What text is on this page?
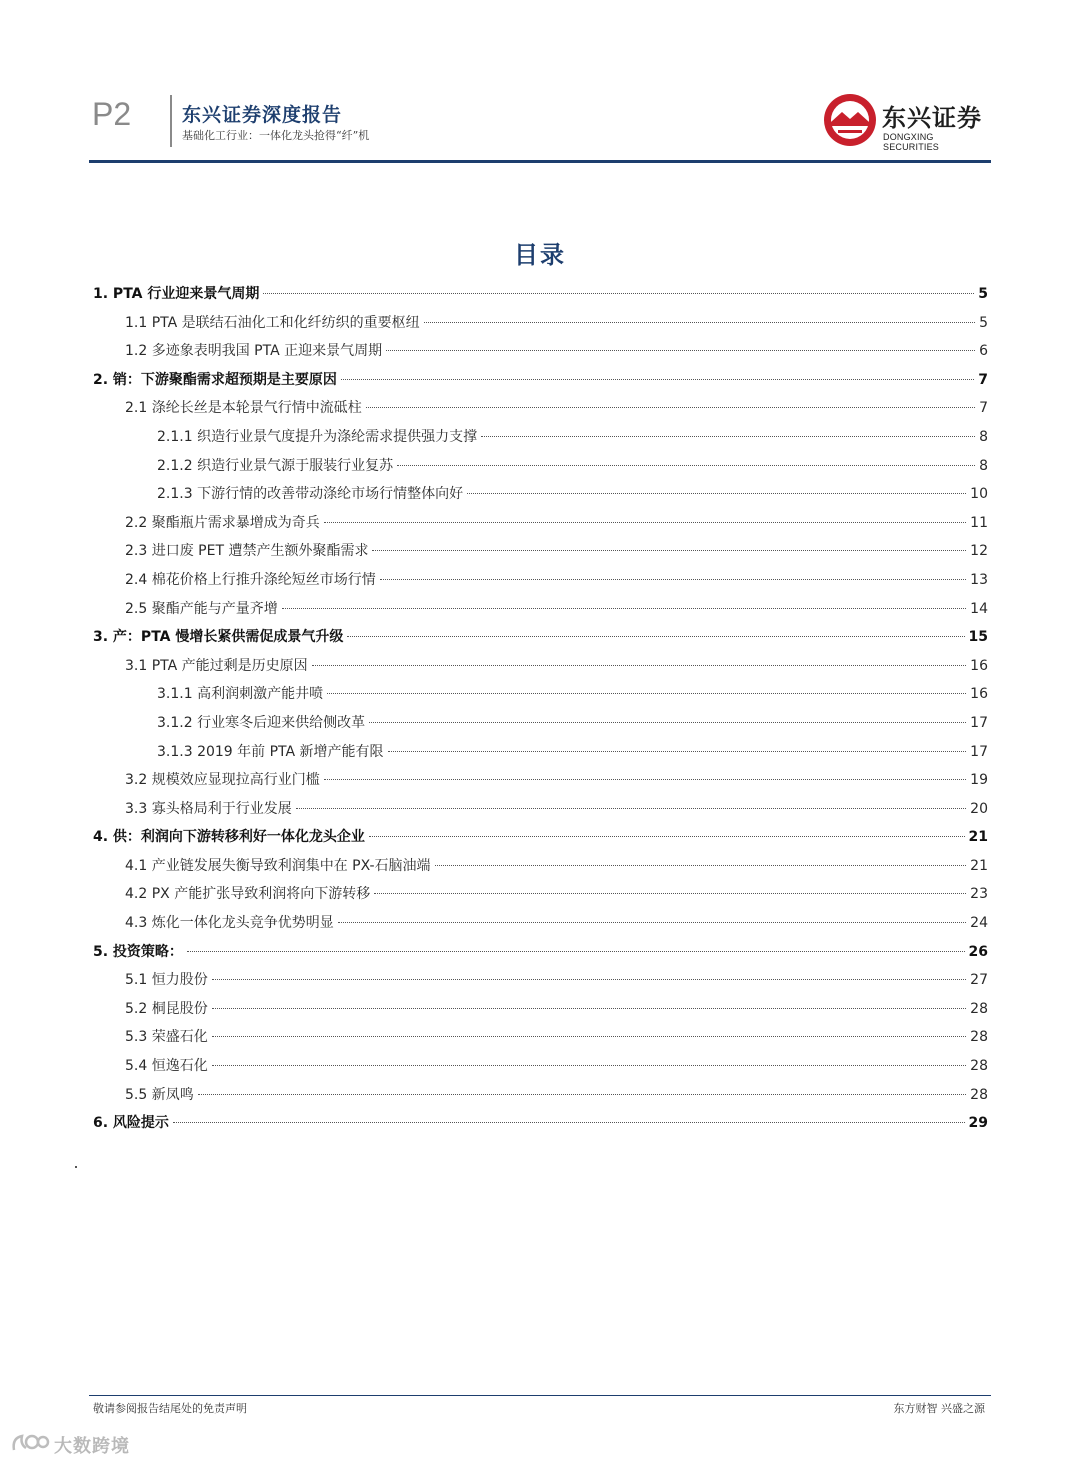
P2	东兴证券深度报告
基础化工行业：一体化龙头抢得“纤”机
东兴证券
DONGXING SECURITIES
目录
1. PTA 行业迎来景气周期	5
1.1 PTA 是联结石油化工和化纤纺织的重要枢纽	5
1.2 多迹象表明我国 PTA 正迎来景气周期	6
2. 销：下游聚酯需求超预期是主要原因	7
2.1 涤纶长丝是本轮景气行情中流砥柱	7
2.1.1 织造行业景气度提升为涤纶需求提供强力支撑	8
2.1.2 织造行业景气源于服装行业复苏	8
2.1.3 下游行情的改善带动涤纶市场行情整体向好	10
2.2 聚酯瓶片需求暴增成为奇兵	11
2.3 进口废 PET 遭禁产生额外聚酯需求	12
2.4 棉花价格上行推升涤纶短丝市场行情	13
2.5 聚酯产能与产量齐增	14
3. 产：PTA 慢增长紧供需促成景气升级	15
3.1 PTA 产能过剩是历史原因	16
3.1.1 高利润刺激产能井喷	16
3.1.2 行业寒冬后迎来供给侧改革	17
3.1.3 2019 年前 PTA 新增产能有限	17
3.2 规模效应显现拉高行业门槛	19
3.3 寡头格局利于行业发展	20
4. 供：利润向下游转移利好一体化龙头企业	21
4.1 产业链发展失衡导致利润集中在 PX-石脑油端	21
4.2 PX 产能扩张导致利润将向下游转移	23
4.3 炼化一体化龙头竞争优势明显	24
5. 投资策略：	26
5.1 恒力股份	27
5.2 桐昆股份	28
5.3 荣盛石化	28
5.4 恒逸石化	28
5.5 新凤鸣	28
6. 风险提示	29
敬请参阅报告结尾处的免责声明	东方财智 兴盛之源
大数跨境
